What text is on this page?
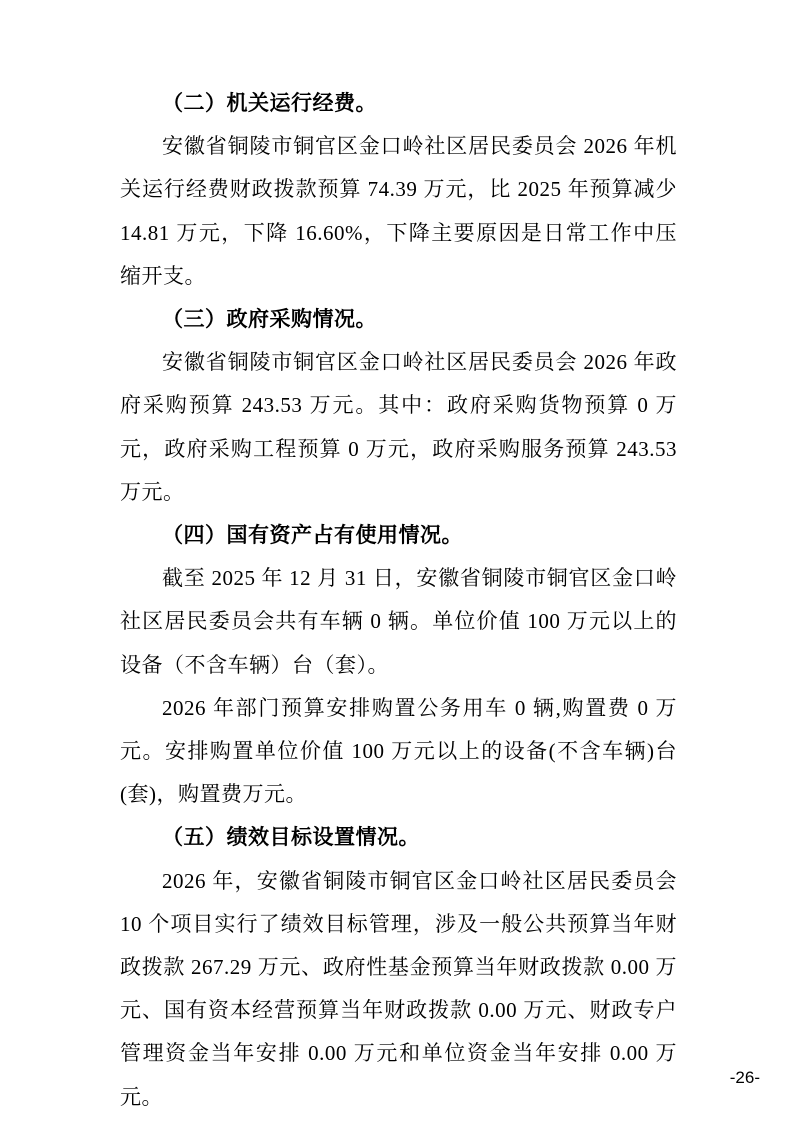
（二）机关运行经费。

安徽省铜陵市铜官区金口岭社区居民委员会 2026 年机关运行经费财政拨款预算 74.39 万元，比 2025 年预算减少 14.81 万元，下降 16.60%，下降主要原因是日常工作中压缩开支。

（三）政府采购情况。

安徽省铜陵市铜官区金口岭社区居民委员会 2026 年政府采购预算 243.53 万元。其中：政府采购货物预算 0 万元，政府采购工程预算 0 万元，政府采购服务预算 243.53 万元。

（四）国有资产占有使用情况。

截至 2025 年 12 月 31 日，安徽省铜陵市铜官区金口岭社区居民委员会共有车辆 0 辆。单位价值 100 万元以上的设备（不含车辆）台（套）。

2026 年部门预算安排购置公务用车 0 辆,购置费 0 万元。安排购置单位价值 100 万元以上的设备(不含车辆)台(套)，购置费万元。

（五）绩效目标设置情况。

2026 年，安徽省铜陵市铜官区金口岭社区居民委员会 10 个项目实行了绩效目标管理，涉及一般公共预算当年财政拨款 267.29 万元、政府性基金预算当年财政拨款 0.00 万元、国有资本经营预算当年财政拨款 0.00 万元、财政专户管理资金当年安排 0.00 万元和单位资金当年安排 0.00 万元。

-26-
